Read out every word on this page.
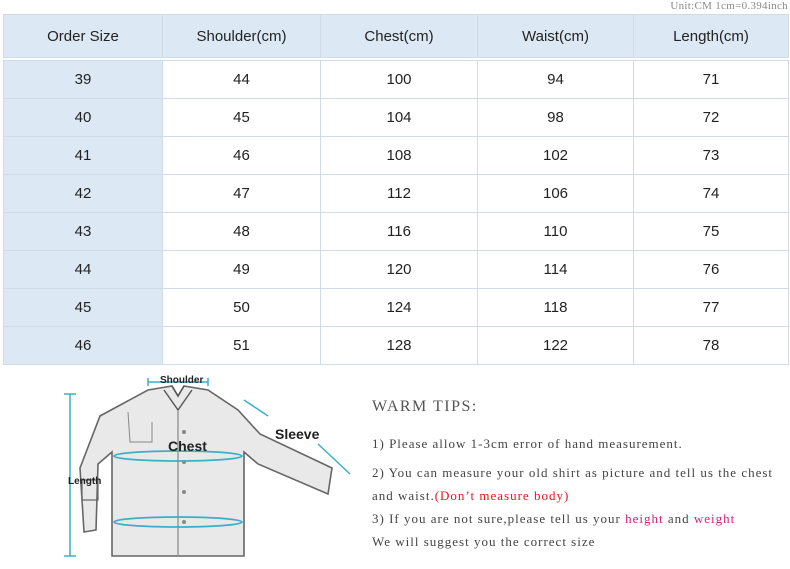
Unit:CM 1cm=0.394inch
Order Size	Shoulder(cm)	Chest(cm)	Waist(cm)	Length(cm)

39	44	100	94	71
40	45	104	98	72
41	46	108	102	73
42	47	112	106	74
43	48	116	110	75
44	49	120	114	76
45	50	124	118	77
46	51	128	122	78
Shoulder
Chest
Sleeve
Length
WARM TIPS:
1) Please allow 1-3cm error of hand measurement.
2) You can measure your old shirt as picture and tell us the chest and waist.(Don’t measure body)
3) If you are not sure,please tell us your height and weight
We will suggest you the correct size
